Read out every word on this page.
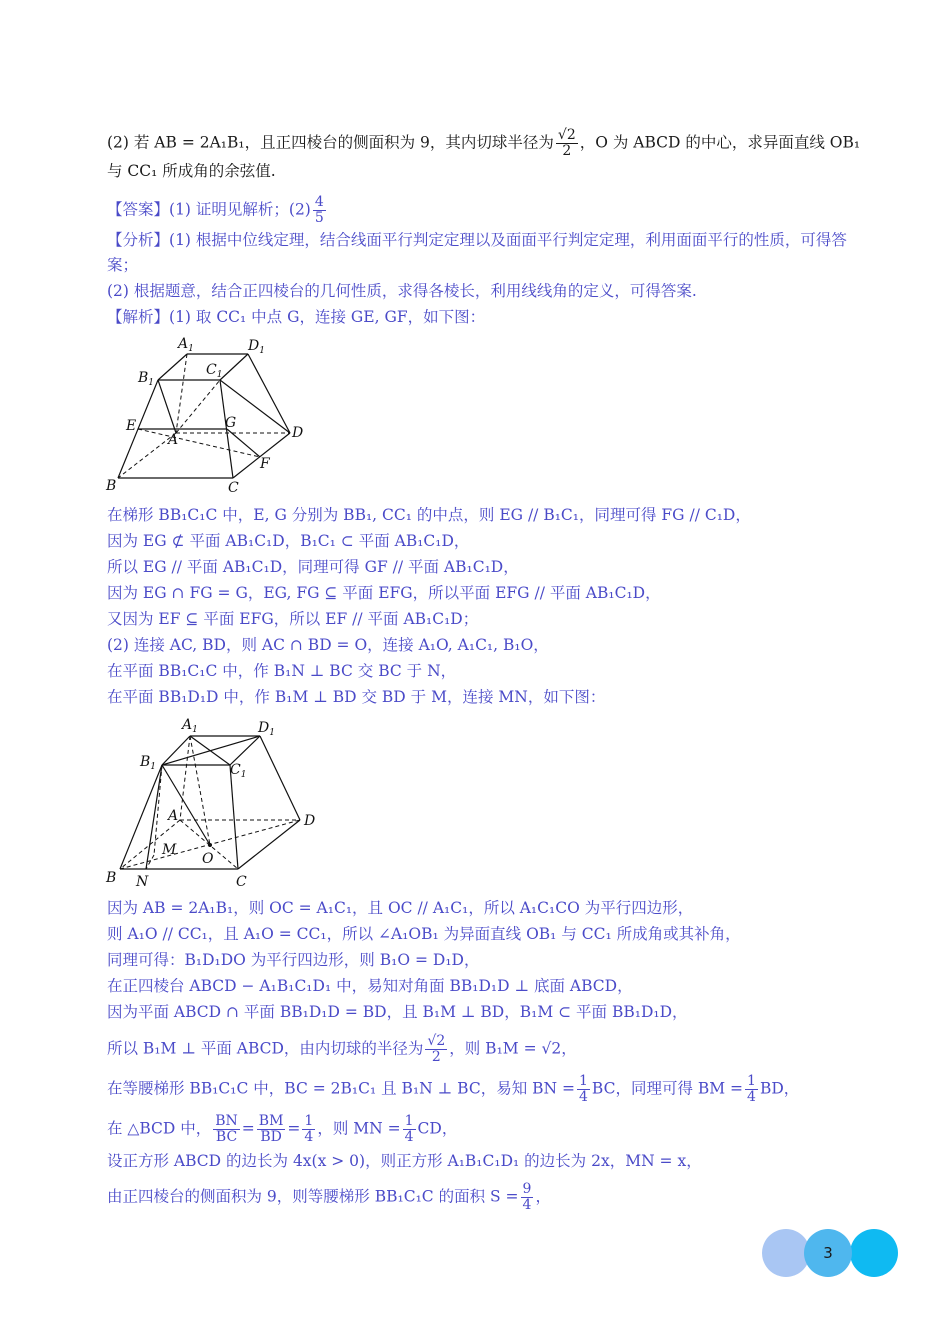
(2) 若 AB = 2A₁B₁，且正四棱台的侧面积为 9，其内切球半径为 $\frac{√2}{2}$ ，O 为 ABCD 的中心，求异面直线 OB₁
与 CC₁ 所成角的余弦值.
【答案】(1) 证明见解析；$(2) \frac{4}{5}$
【分析】(1) 根据中位线定理，结合线面平行判定定理以及面面平行判定定理，利用面面平行的性质，可得答
案；
(2) 根据题意，结合正四棱台的几何性质，求得各棱长，利用线线角的定义，可得答案.
【解析】(1) 取 CC₁ 中点 G，连接 GE, GF，如下图：
$A_1$	$D_1$
$B_1$
$C_1$
E	G
A	D
F
B	C
在梯形 BB₁C₁C 中，E, G 分别为 BB₁, CC₁ 的中点，则 EG // B₁C₁，同理可得 FG // C₁D，
因为 EG ⊄ 平面 AB₁C₁D，B₁C₁ ⊂ 平面 AB₁C₁D，
所以 EG // 平面 AB₁C₁D，同理可得 GF // 平面 AB₁C₁D，
因为 EG ∩ FG = G，EG, FG ⊆ 平面 EFG，所以平面 EFG // 平面 AB₁C₁D，
又因为 EF ⊆ 平面 EFG，所以 EF // 平面 AB₁C₁D；
(2) 连接 AC, BD，则 AC ∩ BD = O，连接 A₁O, A₁C₁, B₁O，
在平面 BB₁C₁C 中，作 B₁N ⊥ BC 交 BC 于 N，
在平面 BB₁D₁D 中，作 B₁M ⊥ BD 交 BD 于 M，连接 MN，如下图：
$A_1$	$D_1$
$B_1$	$C_1$
A	D
M
O
B N	C
因为 AB = 2A₁B₁，则 OC = A₁C₁，且 OC // A₁C₁，所以 A₁C₁CO 为平行四边形，
则 A₁O // CC₁，且 A₁O = CC₁，所以 ∠A₁OB₁ 为异面直线 OB₁ 与 CC₁ 所成角或其补角，
同理可得：B₁D₁DO 为平行四边形，则 B₁O = D₁D，
在正四棱台 ABCD − A₁B₁C₁D₁ 中，易知对角面 BB₁D₁D ⊥ 底面 ABCD，
因为平面 ABCD ∩ 平面 BB₁D₁D = BD，且 B₁M ⊥ BD，B₁M ⊂ 平面 BB₁D₁D，
所以 B₁M ⊥ 平面 ABCD，由内切球的半径为 $\frac{√2}{2}$ ，则 B₁M = √2，
在等腰梯形 BB₁C₁C 中，BC = 2B₁C₁ 且 B₁N ⊥ BC，易知 BN = $\frac{1}{4}$ BC，同理可得 BM = $\frac{1}{4}$ BD，
在 △BCD 中， $\frac{BN}{BC} = \frac{BM}{BD} = \frac{1}{4}$ ，则 MN = $\frac{1}{4}$ CD，
设正方形 ABCD 的边长为 4x(x > 0)，则正方形 A₁B₁C₁D₁ 的边长为 2x，MN = x，
由正四棱台的侧面积为 9，则等腰梯形 BB₁C₁C 的面积 $S = \frac{9}{4}$ ，
3
